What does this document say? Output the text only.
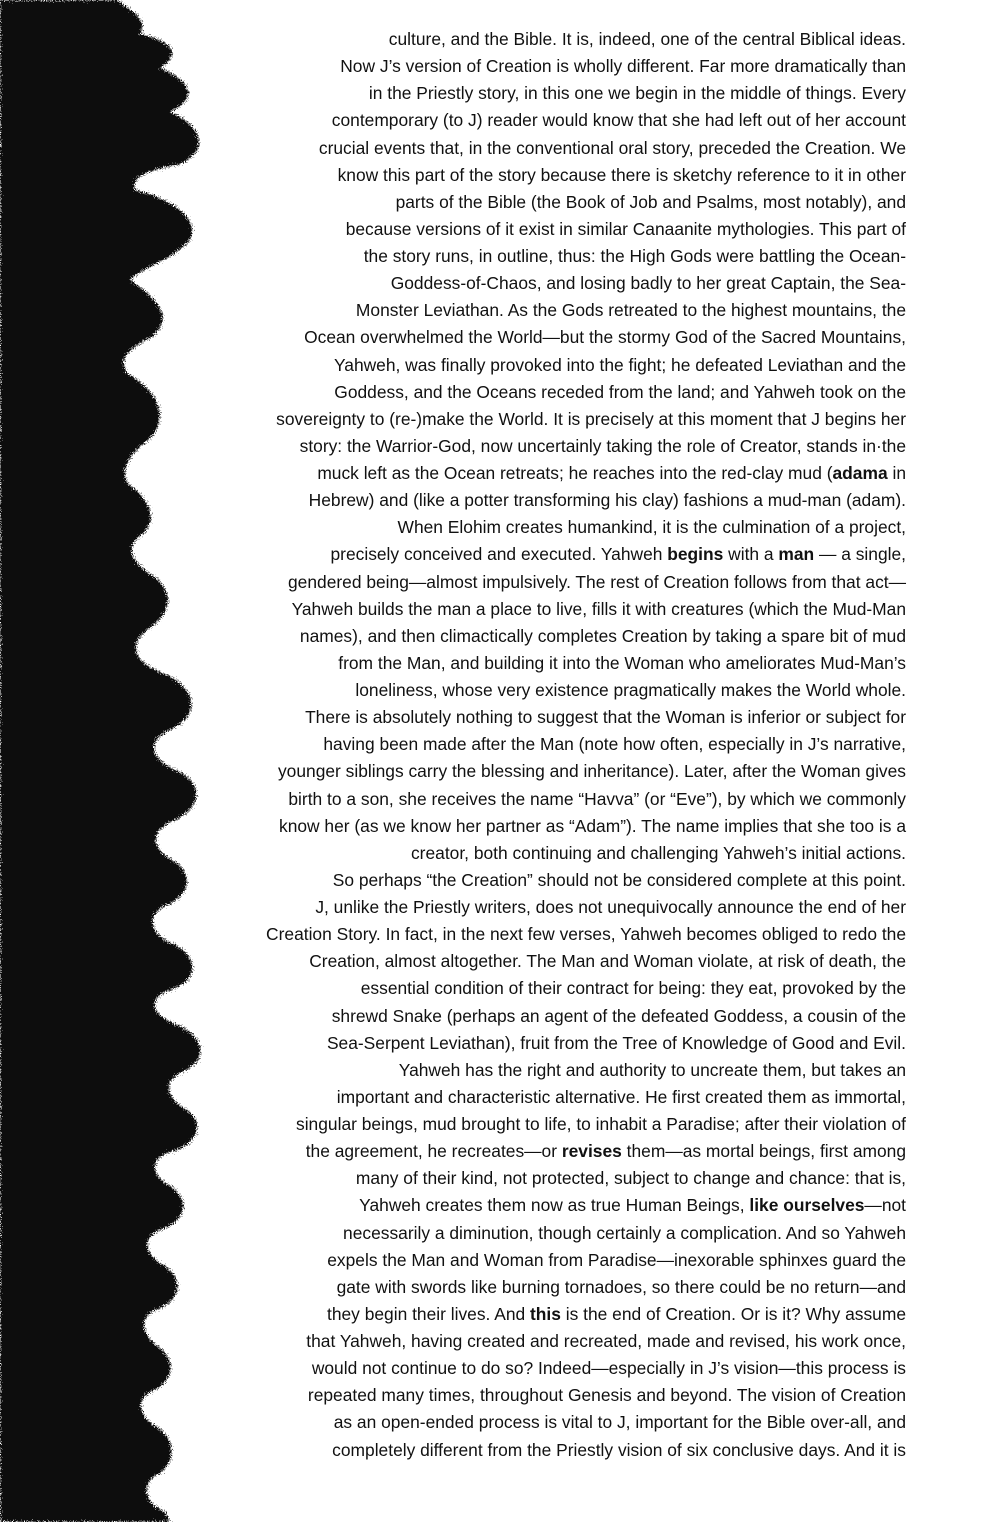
culture, and the Bible. It is, indeed, one of the central Biblical ideas.
Now J’s version of Creation is wholly different. Far more dramatically than
in the Priestly story, in this one we begin in the middle of things. Every
contemporary (to J) reader would know that she had left out of her account
crucial events that, in the conventional oral story, preceded the Creation. We
know this part of the story because there is sketchy reference to it in other
parts of the Bible (the Book of Job and Psalms, most notably), and
because versions of it exist in similar Canaanite mythologies. This part of
the story runs, in outline, thus: the High Gods were battling the Ocean-
Goddess-of-Chaos, and losing badly to her great Captain, the Sea-
Monster Leviathan. As the Gods retreated to the highest mountains, the
Ocean overwhelmed the World—but the stormy God of the Sacred Mountains,
Yahweh, was finally provoked into the fight; he defeated Leviathan and the
Goddess, and the Oceans receded from the land; and Yahweh took on the
sovereignty to (re-)make the World. It is precisely at this moment that J begins her
story: the Warrior-God, now uncertainly taking the role of Creator, stands in·the
muck left as the Ocean retreats; he reaches into the red-clay mud (adama in
Hebrew) and (like a potter transforming his clay) fashions a mud-man (adam).
When Elohim creates humankind, it is the culmination of a project,
precisely conceived and executed. Yahweh begins with a man — a single,
gendered being—almost impulsively. The rest of Creation follows from that act—
Yahweh builds the man a place to live, fills it with creatures (which the Mud-Man
names), and then climactically completes Creation by taking a spare bit of mud
from the Man, and building it into the Woman who ameliorates Mud-Man’s
loneliness, whose very existence pragmatically makes the World whole.
There is absolutely nothing to suggest that the Woman is inferior or subject for
having been made after the Man (note how often, especially in J’s narrative,
younger siblings carry the blessing and inheritance). Later, after the Woman gives
birth to a son, she receives the name “Havva” (or “Eve”), by which we commonly
know her (as we know her partner as “Adam”). The name implies that she too is a
creator, both continuing and challenging Yahweh’s initial actions.
So perhaps “the Creation” should not be considered complete at this point.
J, unlike the Priestly writers, does not unequivocally announce the end of her
Creation Story. In fact, in the next few verses, Yahweh becomes obliged to redo the
Creation, almost altogether. The Man and Woman violate, at risk of death, the
essential condition of their contract for being: they eat, provoked by the
shrewd Snake (perhaps an agent of the defeated Goddess, a cousin of the
Sea-Serpent Leviathan), fruit from the Tree of Knowledge of Good and Evil.
Yahweh has the right and authority to uncreate them, but takes an
important and characteristic alternative. He first created them as immortal,
singular beings, mud brought to life, to inhabit a Paradise; after their violation of
the agreement, he recreates—or revises them—as mortal beings, first among
many of their kind, not protected, subject to change and chance: that is,
Yahweh creates them now as true Human Beings, like ourselves—not
necessarily a diminution, though certainly a complication. And so Yahweh
expels the Man and Woman from Paradise—inexorable sphinxes guard the
gate with swords like burning tornadoes, so there could be no return—and
they begin their lives. And this is the end of Creation. Or is it? Why assume
that Yahweh, having created and recreated, made and revised, his work once,
would not continue to do so? Indeed—especially in J’s vision—this process is
repeated many times, throughout Genesis and beyond. The vision of Creation
as an open-ended process is vital to J, important for the Bible over-all, and
completely different from the Priestly vision of six conclusive days. And it is
